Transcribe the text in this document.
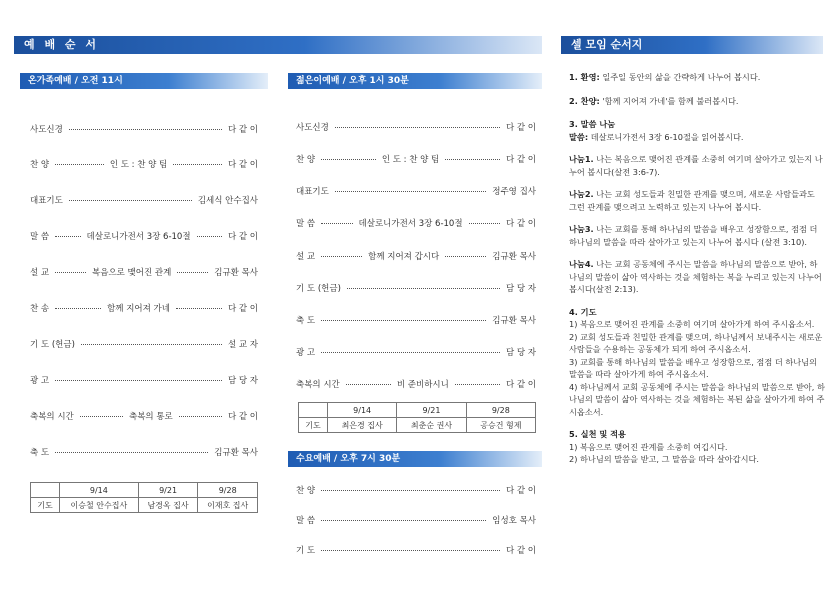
예 배 순 서	셀 모임 순서지
온가족예배 / 오전 11시
사도신경	다 같 이
찬 양	인 도 : 찬 양 팀	다 같 이
대표기도	김세식 안수집사
말 씀	데살로니가전서 3장 6-10절	다 같 이
설 교	복음으로 맺어진 관계	김규환 목사
찬 송	함께 지어져 가네	다 같 이
기 도 (헌금)	설 교 자
광 고	담 당 자
축복의 시간	축복의 통로	다 같 이
축 도	김규환 목사
	9/14	9/21	9/28
기도	이승철 안수집사	남경옥 집사	이재호 집사
젊은이예배 / 오후 1시 30분
사도신경	다 같 이
찬 양	인 도 : 찬 양 팀	다 같 이
대표기도	정주영 집사
말 씀	데살로니가전서 3장 6-10절	다 같 이
설 교	함께 지어져 갑시다	김규환 목사
기 도 (헌금)	담 당 자
축 도	김규환 목사
광 고	담 당 자
축복의 시간	비 준비하시니	다 같 이
	9/14	9/21	9/28
기도	최은경 집사	최춘순 권사	공승건 형제
수요예배 / 오후 7시 30분
찬 양	다 같 이
말 씀	임성호 목사
기 도	다 같 이
1. 환영: 일주일 동안의 삶을 간략하게 나누어 봅시다.
2. 찬양: '함께 지어져 가네'를 함께 불러봅시다.
3. 말씀 나눔
말씀: 데살로니가전서 3장 6-10절을 읽어봅시다.
나눔1. 나는 복음으로 맺어진 관계를 소중히 여기며 살아가고 있는지 나누어 봅시다(살전 3:6-7).
나눔2. 나는 교회 성도들과 친밀한 관계를 맺으며, 새로운 사람들과도 그런 관계를 맺으려고 노력하고 있는지 나누어 봅시다.
나눔3. 나는 교회를 통해 하나님의 말씀을 배우고 성장함으로, 점점 더 하나님의 말씀을 따라 살아가고 있는지 나누어 봅시다 (살전 3:10).
나눔4. 나는 교회 공동체에 주시는 말씀을 하나님의 말씀으로 받아, 하나님의 말씀이 삶아 역사하는 것을 체험하는 복을 누리고 있는지 나누어 봅시다(살전 2:13).
4. 기도
1) 복음으로 맺어진 관계를 소중히 여기며 살아가게 하여 주시옵소서.
2) 교회 성도들과 친밀한 관계를 맺으며, 하나님께서 보내주시는 새로운 사람들을 수용하는 공동체가 되게 하여 주시옵소서.
3) 교회를 통해 하나님의 말씀을 배우고 성장함으로, 점점 더 하나님의 말씀을 따라 살아가게 하여 주시옵소서.
4) 하나님께서 교회 공동체에 주시는 말씀을 하나님의 말씀으로 받아, 하나님의 말씀이 삶아 역사하는 것을 체험하는 복된 삶을 살아가게 하여 주시옵소서.
5. 실천 및 적용
1) 복음으로 맺어진 관계를 소중히 여깁시다.
2) 하나님의 말씀을 받고, 그 말씀을 따라 살아갑시다.
